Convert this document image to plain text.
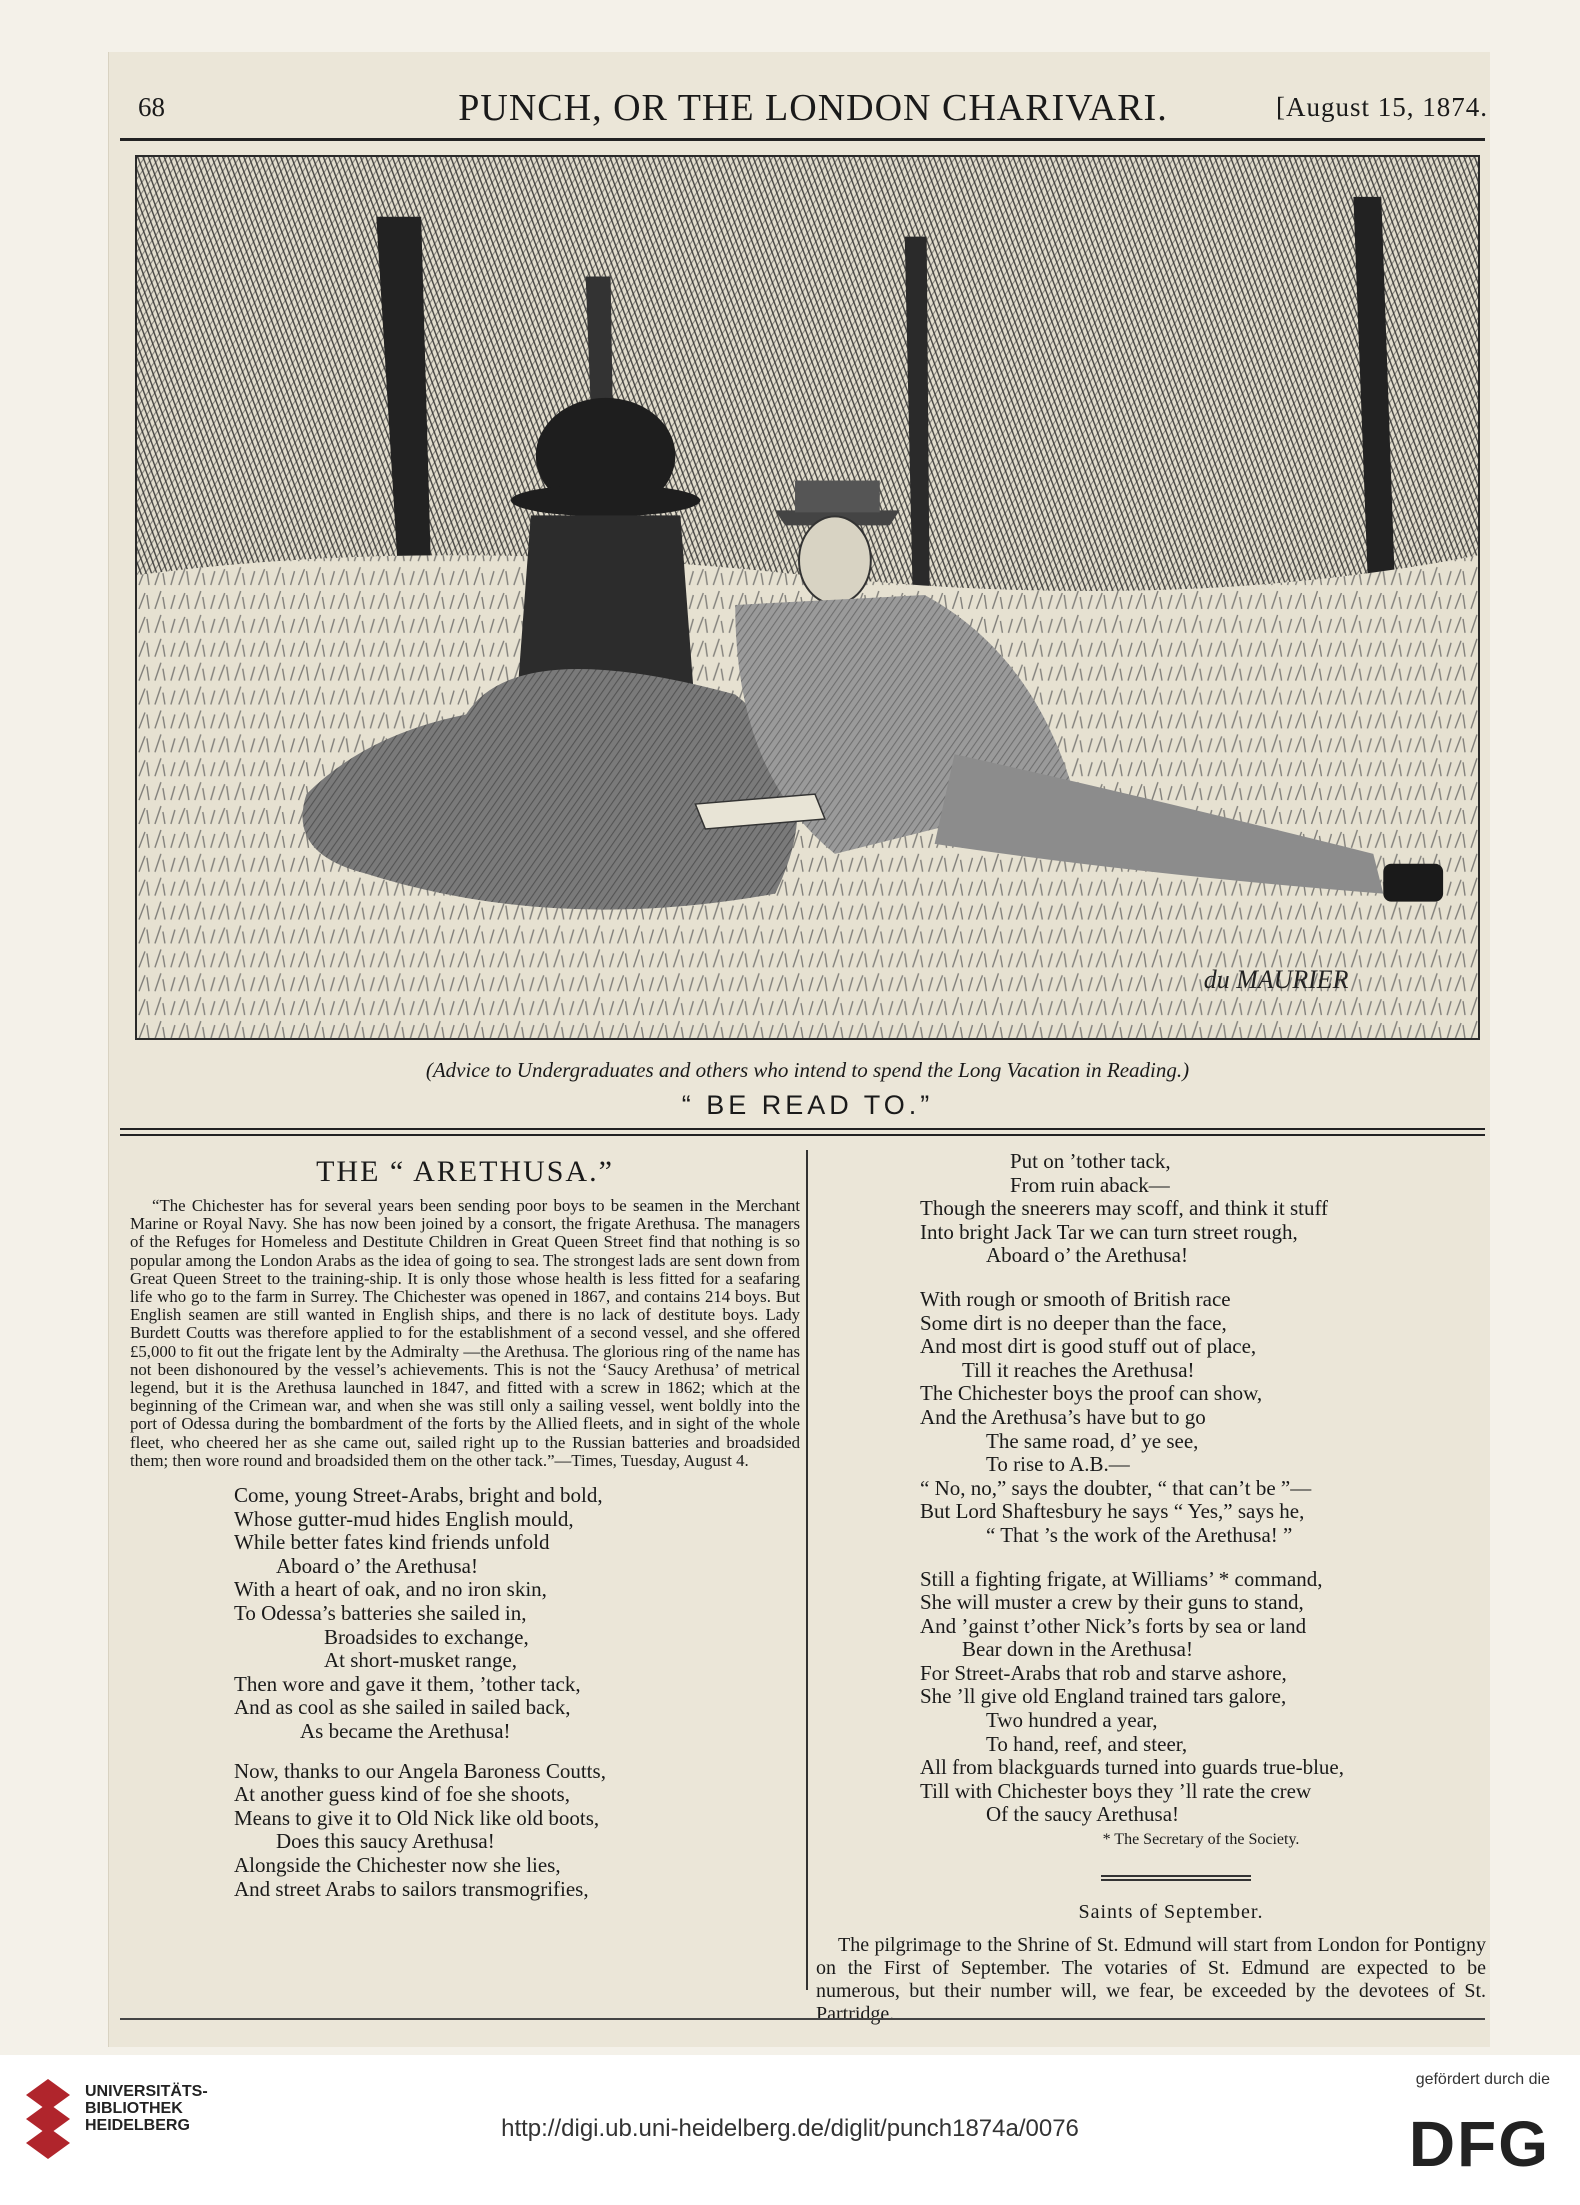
68	PUNCH, OR THE LONDON CHARIVARI.	[August 15, 1874.
du MAURIER
(Advice to Undergraduates and others who intend to spend the Long Vacation in Reading.)
“ BE READ TO.”
THE “ ARETHUSA.”

“The Chichester has for several years been sending poor boys to be seamen in the Merchant Marine or Royal Navy. She has now been joined by a consort, the frigate Arethusa. The managers of the Refuges for Homeless and Destitute Children in Great Queen Street find that nothing is so popular among the London Arabs as the idea of going to sea. The strongest lads are sent down from Great Queen Street to the training-ship. It is only those whose health is less fitted for a seafaring life who go to the farm in Surrey. The Chichester was opened in 1867, and contains 214 boys. But English seamen are still wanted in English ships, and there is no lack of destitute boys. Lady Burdett Coutts was therefore applied to for the establishment of a second vessel, and she offered £5,000 to fit out the frigate lent by the Admiralty —the Arethusa. The glorious ring of the name has not been dishonoured by the vessel’s achievements. This is not the ‘Saucy Arethusa’ of metrical legend, but it is the Arethusa launched in 1847, and fitted with a screw in 1862; which at the beginning of the Crimean war, and when she was still only a sailing vessel, went boldly into the port of Odessa during the bombardment of the forts by the Allied fleets, and in sight of the whole fleet, who cheered her as she came out, sailed right up to the Russian batteries and broadsided them; then wore round and broadsided them on the other tack.”—Times, Tuesday, August 4.

Come, young Street-Arabs, bright and bold,
Whose gutter-mud hides English mould,
While better fates kind friends unfold
Aboard o’ the Arethusa!
With a heart of oak, and no iron skin,
To Odessa’s batteries she sailed in,
Broadsides to exchange,
At short-musket range,
Then wore and gave it them, ’tother tack,
And as cool as she sailed in sailed back,
As became the Arethusa!
Now, thanks to our Angela Baroness Coutts,
At another guess kind of foe she shoots,
Means to give it to Old Nick like old boots,
Does this saucy Arethusa!
Alongside the Chichester now she lies,
And street Arabs to sailors transmogrifies,
Put on ’tother tack,
From ruin aback—
Though the sneerers may scoff, and think it stuff
Into bright Jack Tar we can turn street rough,
Aboard o’ the Arethusa!
With rough or smooth of British race
Some dirt is no deeper than the face,
And most dirt is good stuff out of place,
Till it reaches the Arethusa!
The Chichester boys the proof can show,
And the Arethusa’s have but to go
The same road, d’ ye see,
To rise to A.B.—
“ No, no,” says the doubter, “ that can’t be ”—
But Lord Shaftesbury he says “ Yes,” says he,
“ That ’s the work of the Arethusa! ”
Still a fighting frigate, at Williams’ * command,
She will muster a crew by their guns to stand,
And ’gainst t’other Nick’s forts by sea or land
Bear down in the Arethusa!
For Street-Arabs that rob and starve ashore,
She ’ll give old England trained tars galore,
Two hundred a year,
To hand, reef, and steer,
All from blackguards turned into guards true-blue,
Till with Chichester boys they ’ll rate the crew
Of the saucy Arethusa!
* The Secretary of the Society.
Saints of September.

The pilgrimage to the Shrine of St. Edmund will start from London for Pontigny on the First of September. The votaries of St. Edmund are expected to be numerous, but their number will, we fear, be exceeded by the devotees of St. Partridge.

UNIVERSITÄTS-
BIBLIOTHEK
HEIDELBERG	http://digi.ub.uni-heidelberg.de/diglit/punch1874a/0076
gefördert durch die
DFG
